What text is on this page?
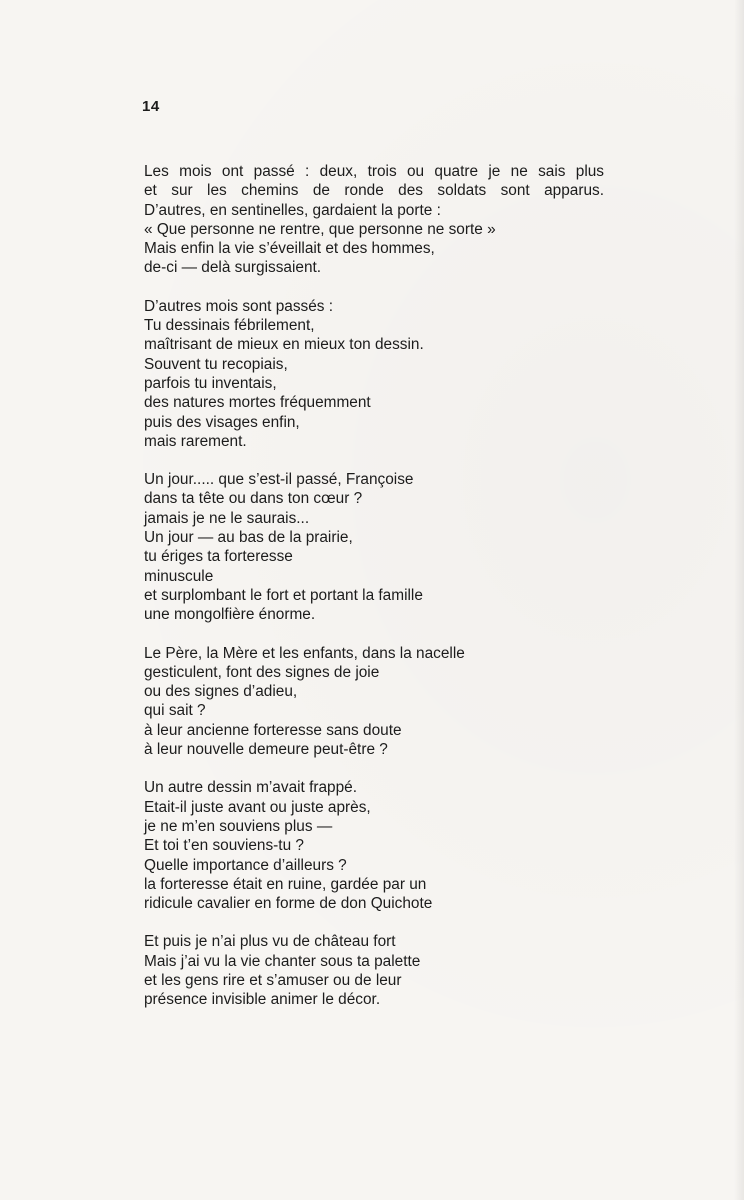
14
Les mois ont passé : deux, trois ou quatre je ne sais plus
et sur les chemins de ronde des soldats sont apparus.
D’autres, en sentinelles, gardaient la porte :
« Que personne ne rentre, que personne ne sorte »
Mais enfin la vie s’éveillait et des hommes,
de-ci — delà surgissaient.
D’autres mois sont passés :
Tu dessinais fébrilement,
maîtrisant de mieux en mieux ton dessin.
Souvent tu recopiais,
parfois tu inventais,
des natures mortes fréquemment
puis des visages enfin,
mais rarement.
Un jour..... que s’est-il passé, Françoise
dans ta tête ou dans ton cœur ?
jamais je ne le saurais...
Un jour — au bas de la prairie,
tu ériges ta forteresse
minuscule
et surplombant le fort et portant la famille
une mongolfière énorme.
Le Père, la Mère et les enfants, dans la nacelle
gesticulent, font des signes de joie
ou des signes d’adieu,
qui sait ?
à leur ancienne forteresse sans doute
à leur nouvelle demeure peut-être ?
Un autre dessin m’avait frappé.
Etait-il juste avant ou juste après,
je ne m’en souviens plus —
Et toi t’en souviens-tu ?
Quelle importance d’ailleurs ?
la forteresse était en ruine, gardée par un
ridicule cavalier en forme de don Quichote
Et puis je n’ai plus vu de château fort
Mais j’ai vu la vie chanter sous ta palette
et les gens rire et s’amuser ou de leur
présence invisible animer le décor.
